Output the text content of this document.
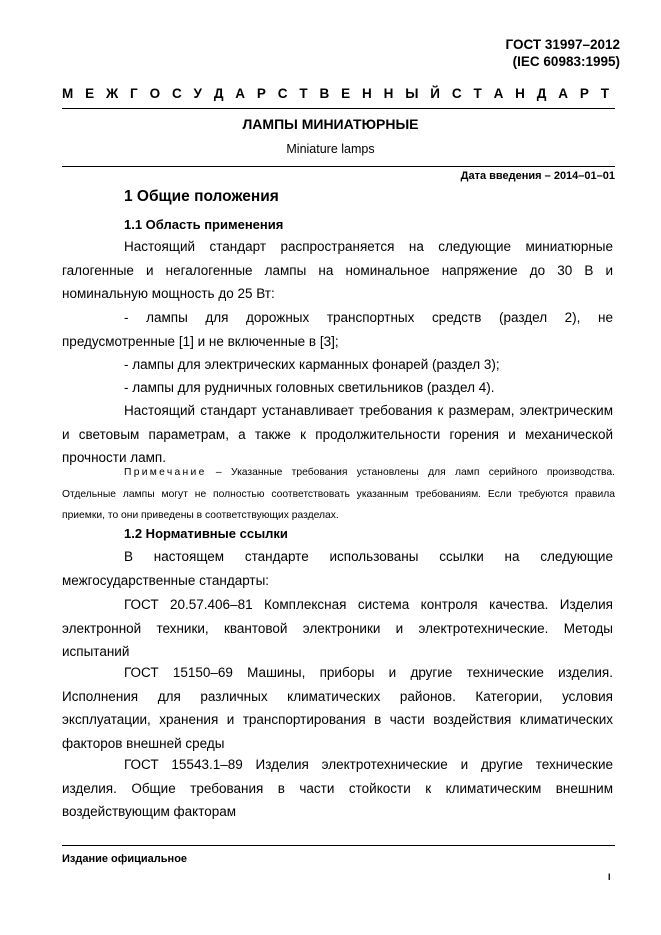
ГОСТ 31997–2012
(IEC 60983:1995)
М Е Ж Г О С У Д А Р С Т В Е Н Н Ы Й С Т А Н Д А Р Т
ЛАМПЫ МИНИАТЮРНЫЕ
Miniature lamps
Дата введения – 2014–01–01
1 Общие положения
1.1 Область применения
Настоящий стандарт распространяется на следующие миниатюрные
галогенные и негалогенные лампы на номинальное напряжение до 30 В и
номинальную мощность до 25 Вт:
- лампы для дорожных транспортных средств (раздел 2), не
предусмотренные [1] и не включенные в [3];
- лампы для электрических карманных фонарей (раздел 3);
- лампы для рудничных головных светильников (раздел 4).
Настоящий стандарт устанавливает требования к размерам, электрическим
и световым параметрам, а также к продолжительности горения и механической
прочности ламп.
Примечание – Указанные требования установлены для ламп серийного производства.
Отдельные лампы могут не полностью соответствовать указанным требованиям. Если требуются правила
приемки, то они приведены в соответствующих разделах.
1.2 Нормативные ссылки
В настоящем стандарте использованы ссылки на следующие
межгосударственные стандарты:
ГОСТ 20.57.406–81 Комплексная система контроля качества. Изделия
электронной техники, квантовой электроники и электротехнические. Методы
испытаний
ГОСТ 15150–69 Машины, приборы и другие технические изделия.
Исполнения для различных климатических районов. Категории, условия
эксплуатации, хранения и транспортирования в части воздействия климатических
факторов внешней среды
ГОСТ 15543.1–89 Изделия электротехнические и другие технические
изделия. Общие требования в части стойкости к климатическим внешним
воздействующим факторам
Издание официальное
I
